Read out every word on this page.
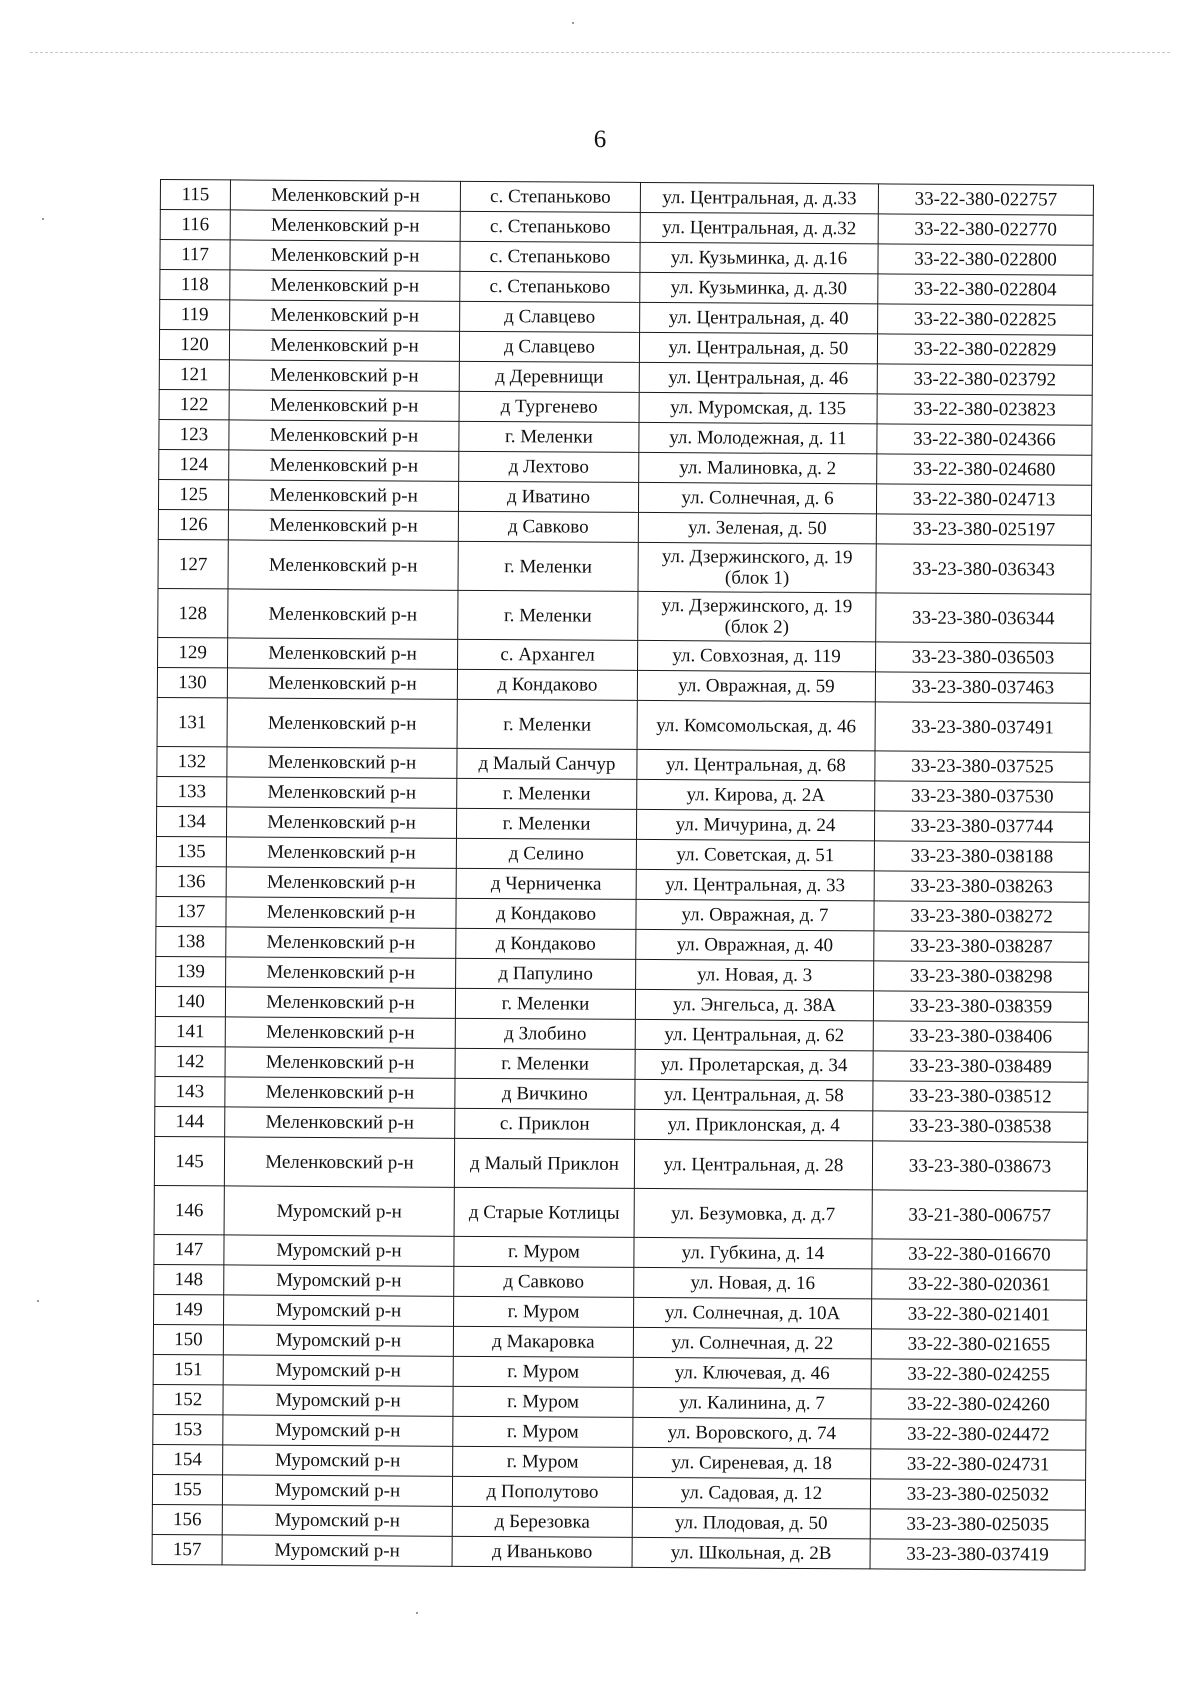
6
115	Меленковский р-н	с. Степаньково	ул. Центральная, д. д.33	33-22-380-022757
116	Меленковский р-н	с. Степаньково	ул. Центральная, д. д.32	33-22-380-022770
117	Меленковский р-н	с. Степаньково	ул. Кузьминка, д. д.16	33-22-380-022800
118	Меленковский р-н	с. Степаньково	ул. Кузьминка, д. д.30	33-22-380-022804
119	Меленковский р-н	д Славцево	ул. Центральная, д. 40	33-22-380-022825
120	Меленковский р-н	д Славцево	ул. Центральная, д. 50	33-22-380-022829
121	Меленковский р-н	д Деревнищи	ул. Центральная, д. 46	33-22-380-023792
122	Меленковский р-н	д Тургенево	ул. Муромская, д. 135	33-22-380-023823
123	Меленковский р-н	г. Меленки	ул. Молодежная, д. 11	33-22-380-024366
124	Меленковский р-н	д Лехтово	ул. Малиновка, д. 2	33-22-380-024680
125	Меленковский р-н	д Иватино	ул. Солнечная, д. 6	33-22-380-024713
126	Меленковский р-н	д Савково	ул. Зеленая, д. 50	33-23-380-025197
127	Меленковский р-н	г. Меленки	ул. Дзержинского, д. 19 (блок 1)	33-23-380-036343
128	Меленковский р-н	г. Меленки	ул. Дзержинского, д. 19 (блок 2)	33-23-380-036344
129	Меленковский р-н	с. Архангел	ул. Совхозная, д. 119	33-23-380-036503
130	Меленковский р-н	д Кондаково	ул. Овражная, д. 59	33-23-380-037463
131	Меленковский р-н	г. Меленки	ул. Комсомольская, д. 46	33-23-380-037491
132	Меленковский р-н	д Малый Санчур	ул. Центральная, д. 68	33-23-380-037525
133	Меленковский р-н	г. Меленки	ул. Кирова, д. 2А	33-23-380-037530
134	Меленковский р-н	г. Меленки	ул. Мичурина, д. 24	33-23-380-037744
135	Меленковский р-н	д Селино	ул. Советская, д. 51	33-23-380-038188
136	Меленковский р-н	д Черниченка	ул. Центральная, д. 33	33-23-380-038263
137	Меленковский р-н	д Кондаково	ул. Овражная, д. 7	33-23-380-038272
138	Меленковский р-н	д Кондаково	ул. Овражная, д. 40	33-23-380-038287
139	Меленковский р-н	д Папулино	ул. Новая, д. 3	33-23-380-038298
140	Меленковский р-н	г. Меленки	ул. Энгельса, д. 38А	33-23-380-038359
141	Меленковский р-н	д Злобино	ул. Центральная, д. 62	33-23-380-038406
142	Меленковский р-н	г. Меленки	ул. Пролетарская, д. 34	33-23-380-038489
143	Меленковский р-н	д Вичкино	ул. Центральная, д. 58	33-23-380-038512
144	Меленковский р-н	с. Приклон	ул. Приклонская, д. 4	33-23-380-038538
145	Меленковский р-н	д Малый Приклон	ул. Центральная, д. 28	33-23-380-038673
146	Муромский р-н	д Старые Котлицы	ул. Безумовка, д. д.7	33-21-380-006757
147	Муромский р-н	г. Муром	ул. Губкина, д. 14	33-22-380-016670
148	Муромский р-н	д Савково	ул. Новая, д. 16	33-22-380-020361
149	Муромский р-н	г. Муром	ул. Солнечная, д. 10А	33-22-380-021401
150	Муромский р-н	д Макаровка	ул. Солнечная, д. 22	33-22-380-021655
151	Муромский р-н	г. Муром	ул. Ключевая, д. 46	33-22-380-024255
152	Муромский р-н	г. Муром	ул. Калинина, д. 7	33-22-380-024260
153	Муромский р-н	г. Муром	ул. Воровского, д. 74	33-22-380-024472
154	Муромский р-н	г. Муром	ул. Сиреневая, д. 18	33-22-380-024731
155	Муромский р-н	д Пополутово	ул. Садовая, д. 12	33-23-380-025032
156	Муромский р-н	д Березовка	ул. Плодовая, д. 50	33-23-380-025035
157	Муромский р-н	д Иваньково	ул. Школьная, д. 2В	33-23-380-037419
